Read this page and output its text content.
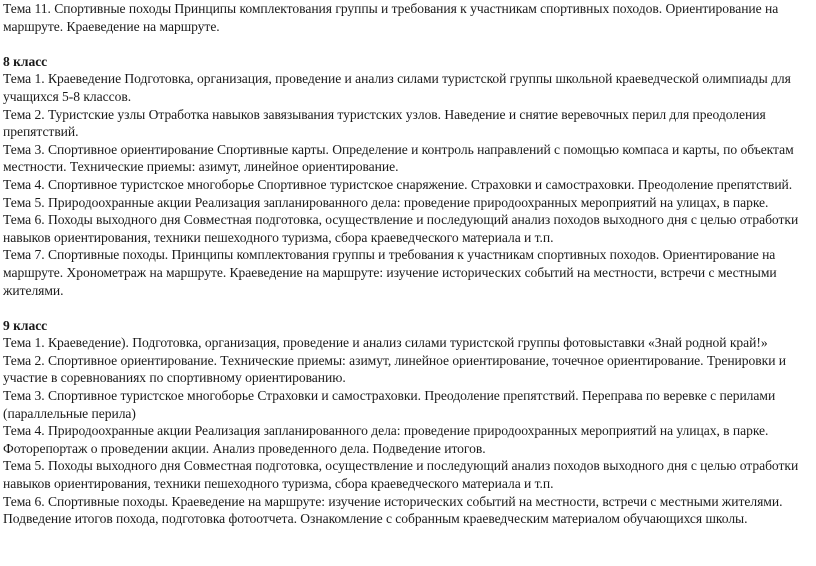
Тема 11. Спортивные походы Принципы комплектования группы и требования к участникам спортивных походов. Ориентирование на маршруте. Краеведение на маршруте.

8 класс

Тема 1. Краеведение Подготовка, организация, проведение и анализ силами туристской группы школьной краеведческой олимпиады для учащихся 5-8 классов.

Тема 2. Туристские узлы Отработка навыков завязывания туристских узлов. Наведение и снятие веревочных перил для преодоления препятствий.

Тема 3. Спортивное ориентирование Спортивные карты. Определение и контроль направлений с помощью компаса и карты, по объектам местности. Технические приемы: азимут, линейное ориентирование.

Тема 4. Спортивное туристское многоборье Спортивное туристское снаряжение. Страховки и самостраховки. Преодоление препятствий.

Тема 5. Природоохранные акции Реализация запланированного дела: проведение природоохранных мероприятий на улицах, в парке.

Тема 6. Походы выходного дня Совместная подготовка, осуществление и последующий анализ походов выходного дня с целью отработки навыков ориентирования, техники пешеходного туризма, сбора краеведческого материала и т.п.

Тема 7. Спортивные походы. Принципы комплектования группы и требования к участникам спортивных походов. Ориентирование на маршруте. Хронометраж на маршруте. Краеведение на маршруте: изучение исторических событий на местности, встречи с местными жителями.

9 класс

Тема 1. Краеведение). Подготовка, организация, проведение и анализ силами туристской группы фотовыставки «Знай родной край!»

Тема 2. Спортивное ориентирование. Технические приемы: азимут, линейное ориентирование, точечное ориентирование. Тренировки и участие в соревнованиях по спортивному ориентированию.

Тема 3. Спортивное туристское многоборье Страховки и самостраховки. Преодоление препятствий. Переправа по веревке с перилами (параллельные перила)

Тема 4. Природоохранные акции Реализация запланированного дела: проведение природоохранных мероприятий на улицах, в парке. Фоторепортаж о проведении акции. Анализ проведенного дела. Подведение итогов.

Тема 5. Походы выходного дня Совместная подготовка, осуществление и последующий анализ походов выходного дня с целью отработки навыков ориентирования, техники пешеходного туризма, сбора краеведческого материала и т.п.

Тема 6. Спортивные походы. Краеведение на маршруте: изучение исторических событий на местности, встречи с местными жителями. Подведение итогов похода, подготовка фотоотчета. Ознакомление с собранным краеведческим материалом обучающихся школы.
